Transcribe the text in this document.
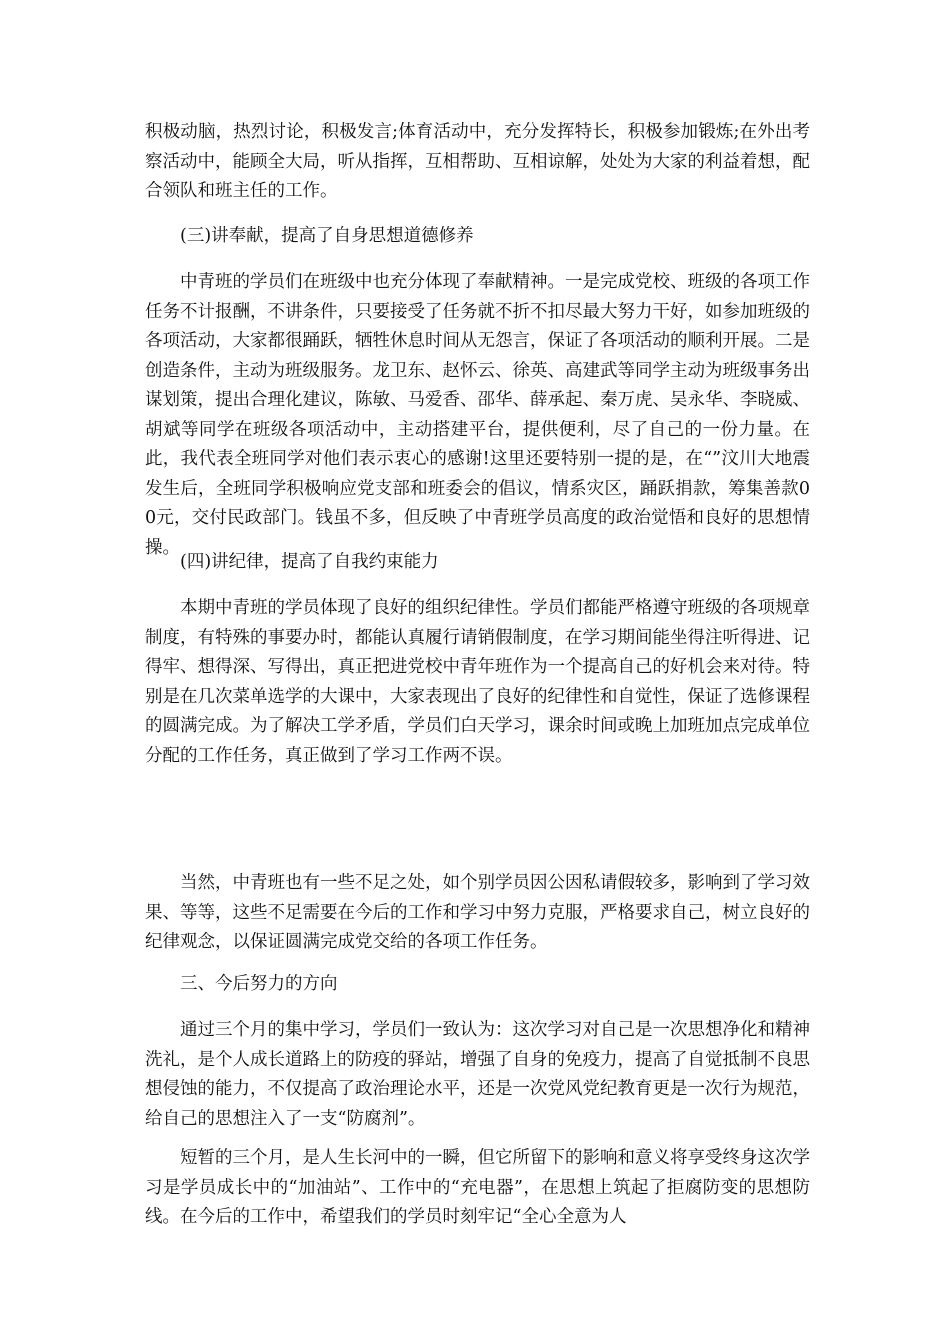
积极动脑，热烈讨论，积极发言;体育活动中，充分发挥特长，积极参加锻炼;在外出考察活动中，能顾全大局，听从指挥，互相帮助、互相谅解，处处为大家的利益着想，配合领队和班主任的工作。

(三)讲奉献，提高了自身思想道德修养

中青班的学员们在班级中也充分体现了奉献精神。一是完成党校、班级的各项工作任务不计报酬，不讲条件，只要接受了任务就不折不扣尽最大努力干好，如参加班级的各项活动，大家都很踊跃，牺牲休息时间从无怨言，保证了各项活动的顺利开展。二是创造条件，主动为班级服务。龙卫东、赵怀云、徐英、高建武等同学主动为班级事务出谋划策，提出合理化建议，陈敏、马爱香、邵华、薛承起、秦万虎、吴永华、李晓威、胡斌等同学在班级各项活动中，主动搭建平台，提供便利，尽了自己的一份力量。在此，我代表全班同学对他们表示衷心的感谢!这里还要特别一提的是，在“”汶川大地震发生后，全班同学积极响应党支部和班委会的倡议，情系灾区，踊跃捐款，筹集善款00元，交付民政部门。钱虽不多，但反映了中青班学员高度的政治觉悟和良好的思想情操。

(四)讲纪律，提高了自我约束能力

本期中青班的学员体现了良好的组织纪律性。学员们都能严格遵守班级的各项规章制度，有特殊的事要办时，都能认真履行请销假制度，在学习期间能坐得注听得进、记得牢、想得深、写得出，真正把进党校中青年班作为一个提高自己的好机会来对待。特别是在几次菜单选学的大课中，大家表现出了良好的纪律性和自觉性，保证了选修课程的圆满完成。为了解决工学矛盾，学员们白天学习，课余时间或晚上加班加点完成单位分配的工作任务，真正做到了学习工作两不误。

当然，中青班也有一些不足之处，如个别学员因公因私请假较多，影响到了学习效果、等等，这些不足需要在今后的工作和学习中努力克服，严格要求自己，树立良好的纪律观念，以保证圆满完成党交给的各项工作任务。

三、今后努力的方向

通过三个月的集中学习，学员们一致认为：这次学习对自己是一次思想净化和精神洗礼，是个人成长道路上的防疫的驿站，增强了自身的免疫力，提高了自觉抵制不良思想侵蚀的能力，不仅提高了政治理论水平，还是一次党风党纪教育更是一次行为规范，给自己的思想注入了一支“防腐剂”。

短暂的三个月，是人生长河中的一瞬，但它所留下的影响和意义将享受终身这次学习是学员成长中的“加油站”、工作中的“充电器”，在思想上筑起了拒腐防变的思想防线。在今后的工作中，希望我们的学员时刻牢记“全心全意为人
